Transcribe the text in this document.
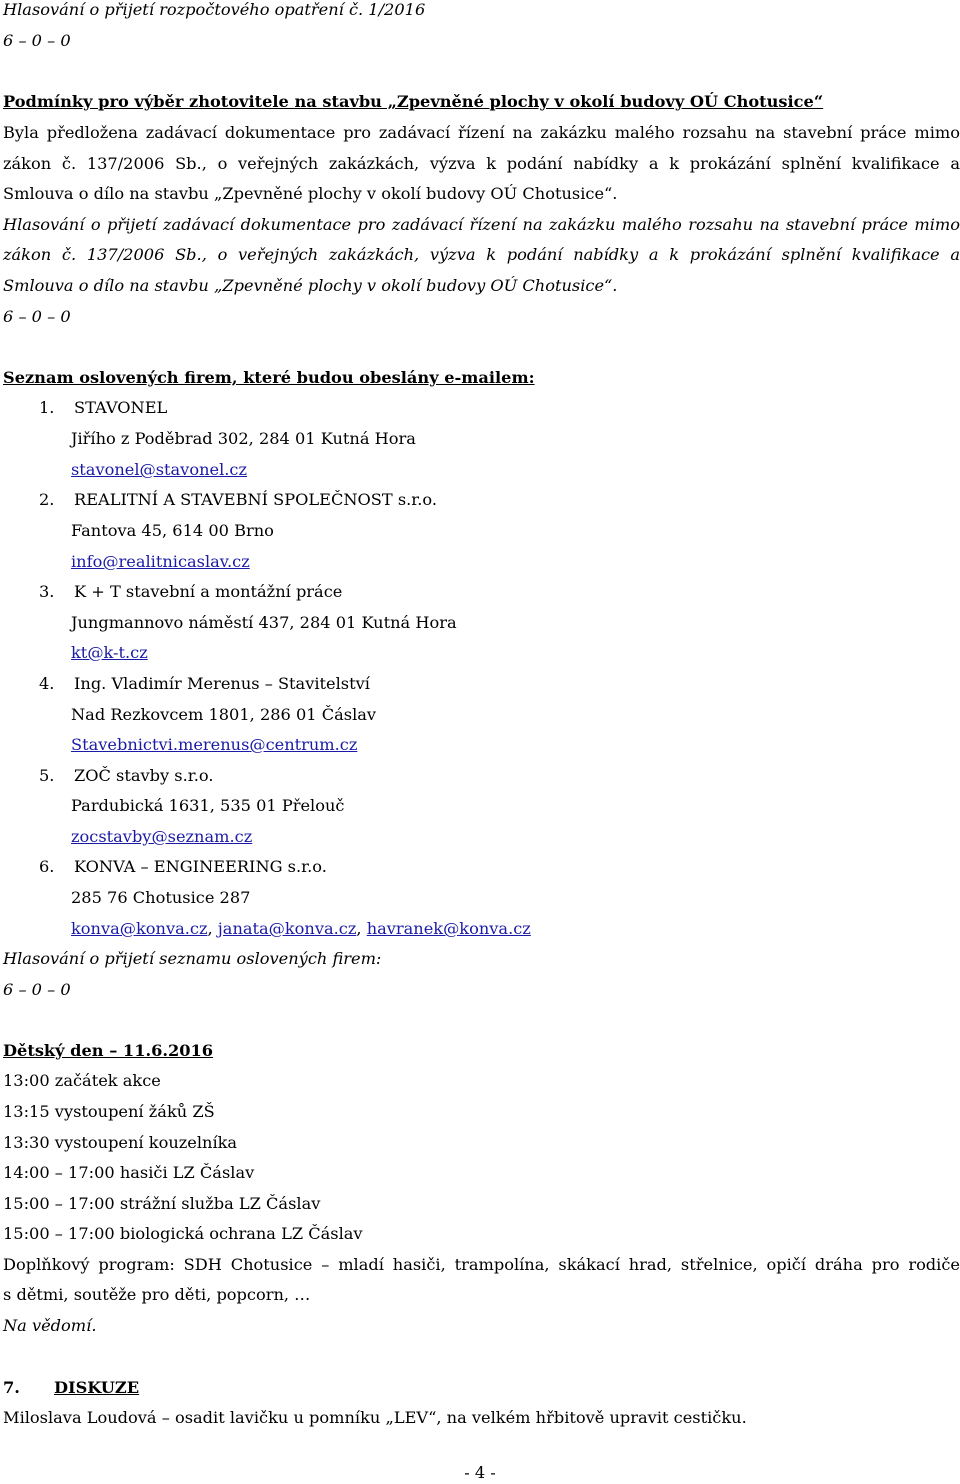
Hlasování o přijetí rozpočtového opatření č. 1/2016
6 – 0 – 0
Podmínky pro výběr zhotovitele na stavbu „Zpevněné plochy v okolí budovy OÚ Chotusice“
Byla předložena zadávací dokumentace pro zadávací řízení na zakázku malého rozsahu na stavební práce mimo
zákon č. 137/2006 Sb., o veřejných zakázkách, výzva k podání nabídky a k prokázání splnění kvalifikace a
Smlouva o dílo na stavbu „Zpevněné plochy v okolí budovy OÚ Chotusice“.
Hlasování o přijetí zadávací dokumentace pro zadávací řízení na zakázku malého rozsahu na stavební práce mimo
zákon č. 137/2006 Sb., o veřejných zakázkách, výzva k podání nabídky a k prokázání splnění kvalifikace a
Smlouva o dílo na stavbu „Zpevněné plochy v okolí budovy OÚ Chotusice“.
6 – 0 – 0
Seznam oslovených firem, které budou obeslány e-mailem:
1. STAVONEL
Jiřího z Poděbrad 302, 284 01 Kutná Hora
stavonel@stavonel.cz
2. REALITNÍ A STAVEBNÍ SPOLEČNOST s.r.o.
Fantova 45, 614 00 Brno
info@realitnicaslav.cz
3. K + T stavební a montážní práce
Jungmannovo náměstí 437, 284 01 Kutná Hora
kt@k-t.cz
4. Ing. Vladimír Merenus – Stavitelství
Nad Rezkovcem 1801, 286 01 Čáslav
Stavebnictvi.merenus@centrum.cz
5. ZOČ stavby s.r.o.
Pardubická 1631, 535 01 Přelouč
zocstavby@seznam.cz
6. KONVA – ENGINEERING s.r.o.
285 76 Chotusice 287
konva@konva.cz, janata@konva.cz, havranek@konva.cz
Hlasování o přijetí seznamu oslovených firem:
6 – 0 – 0
Dětský den – 11.6.2016
13:00 začátek akce
13:15 vystoupení žáků ZŠ
13:30 vystoupení kouzelníka
14:00 – 17:00 hasiči LZ Čáslav
15:00 – 17:00 strážní služba LZ Čáslav
15:00 – 17:00 biologická ochrana LZ Čáslav
Doplňkový program: SDH Chotusice – mladí hasiči, trampolína, skákací hrad, střelnice, opičí dráha pro rodiče
s dětmi, soutěže pro děti, popcorn, …
Na vědomí.
7. DISKUZE
Miloslava Loudová – osadit lavičku u pomníku „LEV“, na velkém hřbitově upravit cestičku.
- 4 -
